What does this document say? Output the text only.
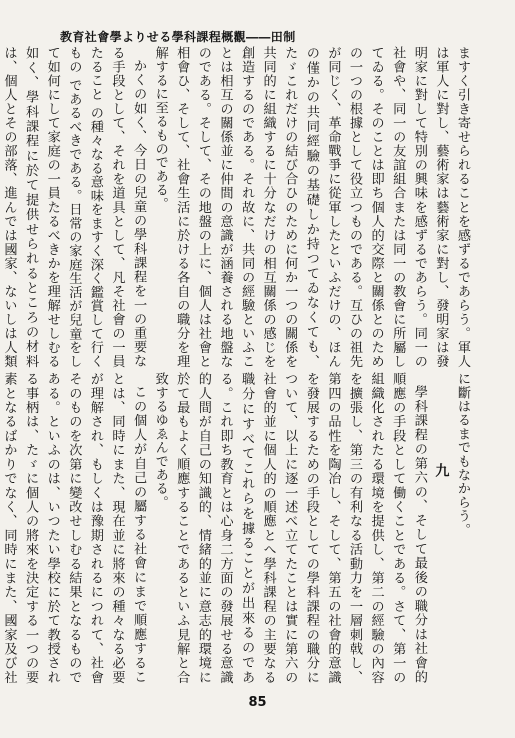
教育社會學よりせる學科課程概觀――田制

ますく引き寄せられることを感ずるであらう。軍人は軍人に對し、藝術家は藝術家に對し、發明家は發明家に對して特別の興味を感ずるであらう。同一の社會や、同一の友誼組合または同一の教會に所屬してゐる。そのことは即ち個人的交際と關係とのための一つの根據として役立つものである。互ひの祖先が同じく、革命戰爭に從軍したといふだけの、ほんの僅かの共同經驗の基礎しか持つてゐなくても、たゞこれだけの結び合ひのために何か一つの關係を共同的に組織するに十分なだけの相互關係の感じを創造するのである。それ故に、共同の經驗といふことは相互の關係並に仲間の意識が涵養される地盤なのである。そして、その地盤の上に、個人は社會と相會ひ、そして、社會生活に於ける各自の職分を理解するに至るものである。

かくの如く、今日の兒童の學科課程を一の重要なる手段として、それを道具として、凡そ社會の一員たること の種々なる意味をますく深く鑑賞して行くもの であるべきである。日常の家庭生活が兒童をして如何にして家庭の一員たるべきかを理解せしむる如く、學科課程に於て提供せられるところの材料は、個人とその部落、進んでは國家、ないしは人類

に斷はるまでもなからう。

九

學科課程の第六の、そして最後の職分は社會的順應の手段として働くことである。さて、第一の組織化されたる環境を提供し、第二の經驗の內容を擴張し、第三の有利なる活動力を一層刺戟し、第四の品性を陶冶し、そして、第五の社會的意識を發展するための手段としての學科課程の職分について、以上に逐一述べ立てたことは實に第六の社會的並に個人的の順應とへ學科課程の主要なる職分にすべてこれらを據ることが出來るのである。これ即ち教育とは心身二方面の發展せる意識的人間が自己の知識的、情緒的並に意志的環境に於て最もよく順應することであるといふ見解と合致するゆゑんである。

この個人が自己の屬する社會にまで順應することは、同時にまた、現在並に將來の種々なる必要が理解され、もしくは豫期されるにつれて、社會そのものを次第に變改せしむる結果となるものである。といふのは、いつたい學校に於て教授される事柄は、たゞに個人の將來を決定する一つの要素となるばかりでなく、同時にまた、國家及び社

85
